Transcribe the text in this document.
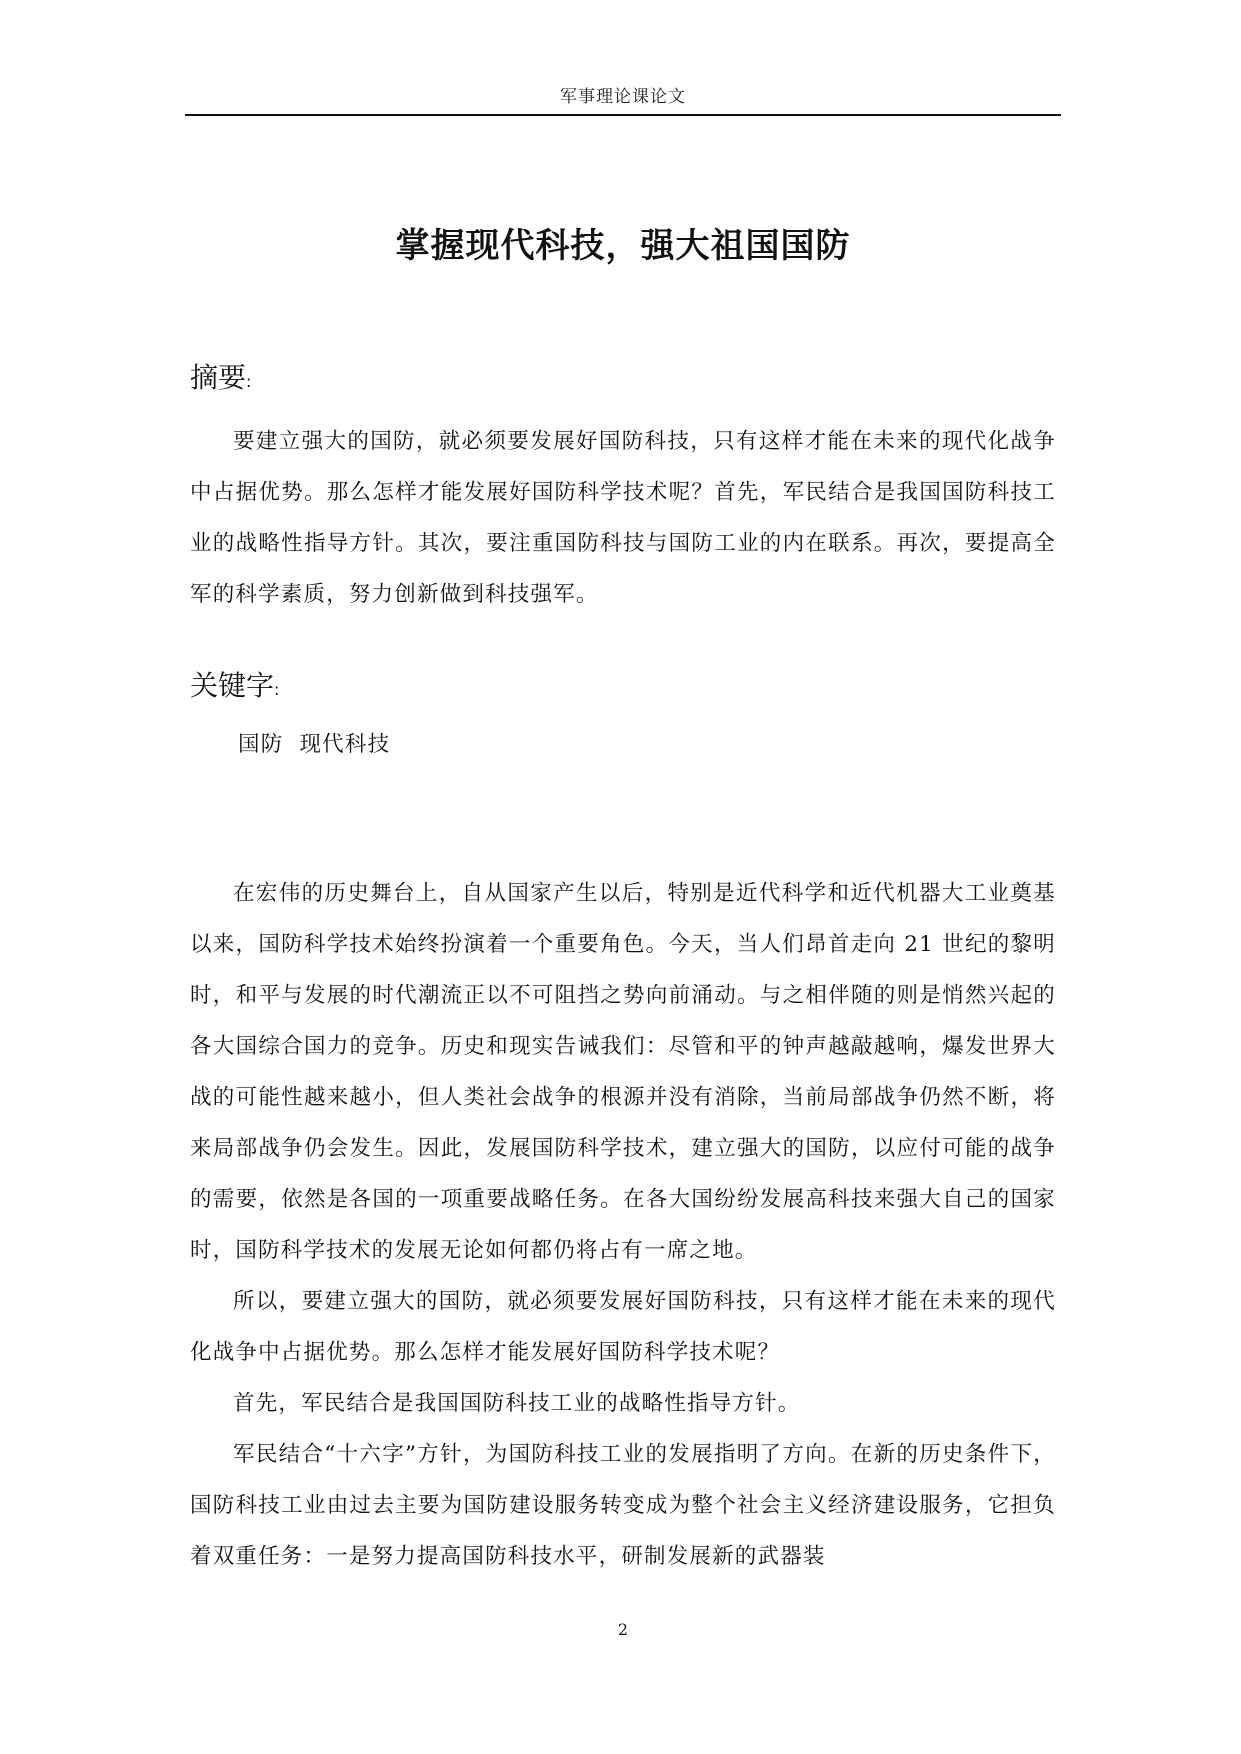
军事理论课论文
掌握现代科技，强大祖国国防
摘要:

要建立强大的国防，就必须要发展好国防科技，只有这样才能在未来的现代化战争中占据优势。那么怎样才能发展好国防科学技术呢？首先，军民结合是我国国防科技工业的战略性指导方针。其次，要注重国防科技与国防工业的内在联系。再次，要提高全军的科学素质，努力创新做到科技强军。

关键字:
国防  现代科技

在宏伟的历史舞台上，自从国家产生以后，特别是近代科学和近代机器大工业奠基以来，国防科学技术始终扮演着一个重要角色。今天，当人们昂首走向 21 世纪的黎明时，和平与发展的时代潮流正以不可阻挡之势向前涌动。与之相伴随的则是悄然兴起的各大国综合国力的竞争。历史和现实告诫我们：尽管和平的钟声越敲越响，爆发世界大战的可能性越来越小，但人类社会战争的根源并没有消除，当前局部战争仍然不断，将来局部战争仍会发生。因此，发展国防科学技术，建立强大的国防，以应付可能的战争的需要，依然是各国的一项重要战略任务。在各大国纷纷发展高科技来强大自己的国家时，国防科学技术的发展无论如何都仍将占有一席之地。

所以，要建立强大的国防，就必须要发展好国防科技，只有这样才能在未来的现代化战争中占据优势。那么怎样才能发展好国防科学技术呢？

首先，军民结合是我国国防科技工业的战略性指导方针。

军民结合“十六字”方针，为国防科技工业的发展指明了方向。在新的历史条件下，国防科技工业由过去主要为国防建设服务转变成为整个社会主义经济建设服务，它担负着双重任务：一是努力提高国防科技水平，研制发展新的武器装

2
